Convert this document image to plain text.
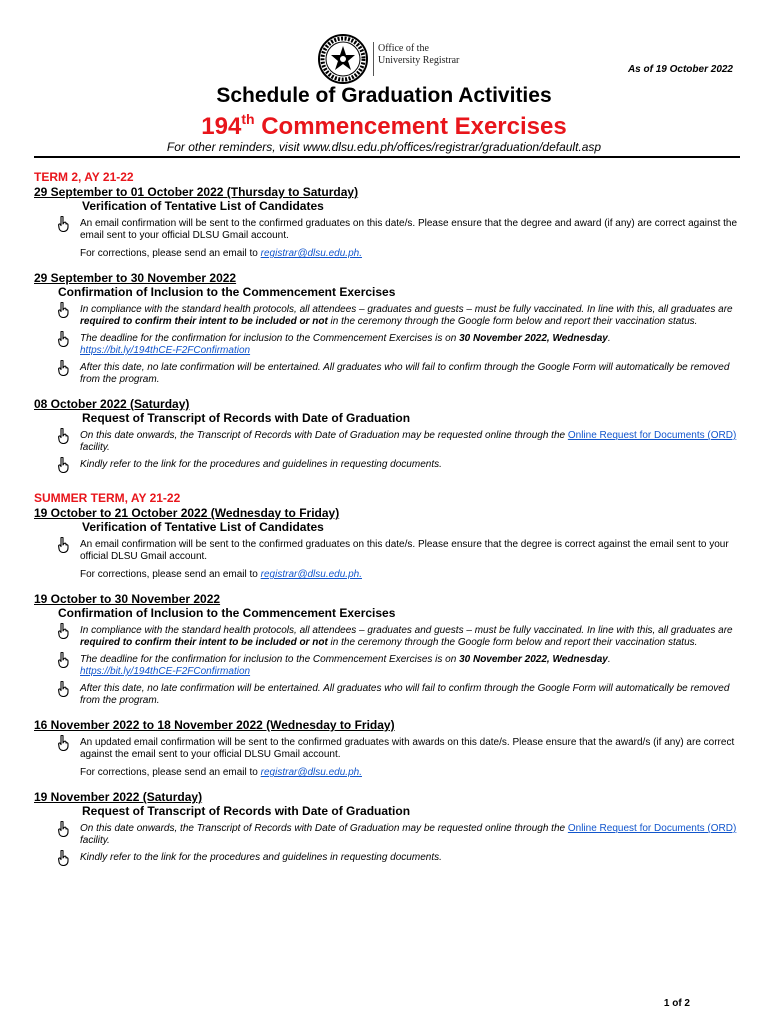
Office of the
University Registrar
As of 19 October 2022
Schedule of Graduation Activities
194th Commencement Exercises
For other reminders, visit www.dlsu.edu.ph/offices/registrar/graduation/default.asp
TERM 2, AY 21-22
29 September to 01 October 2022 (Thursday to Saturday)
Verification of Tentative List of Candidates
An email confirmation will be sent to the confirmed graduates on this date/s. Please ensure that the degree and award (if any) are correct against the email sent to your official DLSU Gmail account.
For corrections, please send an email to registrar@dlsu.edu.ph.
29 September to 30 November 2022
Confirmation of Inclusion to the Commencement Exercises
In compliance with the standard health protocols, all attendees – graduates and guests – must be fully vaccinated. In line with this, all graduates are required to confirm their intent to be included or not in the ceremony through the Google form below and report their vaccination status.
The deadline for the confirmation for inclusion to the Commencement Exercises is on 30 November 2022, Wednesday.
https://bit.ly/194thCE-F2FConfirmation
After this date, no late confirmation will be entertained. All graduates who will fail to confirm through the Google Form will automatically be removed from the program.
08 October 2022 (Saturday)
Request of Transcript of Records with Date of Graduation
On this date onwards, the Transcript of Records with Date of Graduation may be requested online through the Online Request for Documents (ORD) facility.
Kindly refer to the link for the procedures and guidelines in requesting documents.
SUMMER TERM, AY 21-22
19 October to 21 October 2022 (Wednesday to Friday)
Verification of Tentative List of Candidates
An email confirmation will be sent to the confirmed graduates on this date/s. Please ensure that the degree is correct against the email sent to your official DLSU Gmail account.
For corrections, please send an email to registrar@dlsu.edu.ph.
19 October to 30 November 2022
Confirmation of Inclusion to the Commencement Exercises
In compliance with the standard health protocols, all attendees – graduates and guests – must be fully vaccinated. In line with this, all graduates are required to confirm their intent to be included or not in the ceremony through the Google form below and report their vaccination status.
The deadline for the confirmation for inclusion to the Commencement Exercises is on 30 November 2022, Wednesday.
https://bit.ly/194thCE-F2FConfirmation
After this date, no late confirmation will be entertained. All graduates who will fail to confirm through the Google Form will automatically be removed from the program.
16 November 2022 to 18 November 2022 (Wednesday to Friday)
An updated email confirmation will be sent to the confirmed graduates with awards on this date/s. Please ensure that the award/s (if any) are correct against the email sent to your official DLSU Gmail account.
For corrections, please send an email to registrar@dlsu.edu.ph.
19 November 2022 (Saturday)
Request of Transcript of Records with Date of Graduation
On this date onwards, the Transcript of Records with Date of Graduation may be requested online through the Online Request for Documents (ORD) facility.
Kindly refer to the link for the procedures and guidelines in requesting documents.
1 of 2
